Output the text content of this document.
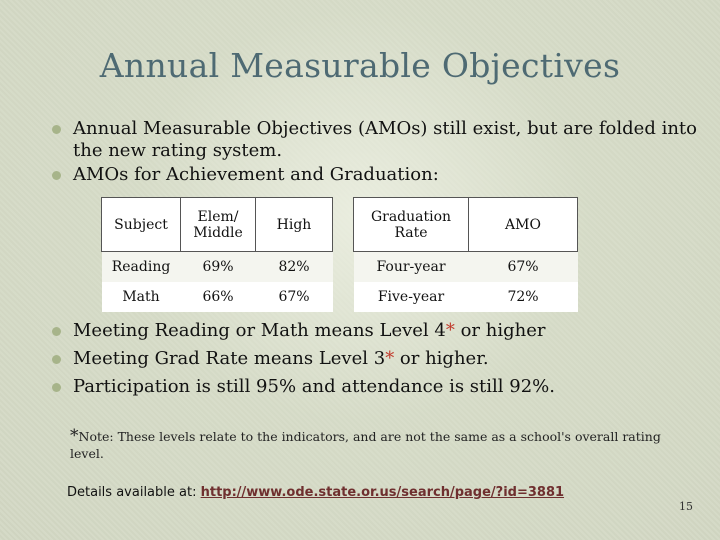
Annual Measurable Objectives
Annual Measurable Objectives (AMOs) still exist, but are folded into the new rating system.
AMOs for Achievement and Graduation:
Subject	Elem/ Middle	High		Graduation Rate	AMO
Reading	69%	82%		Four-year	67%
Math	66%	67%		Five-year	72%
Meeting Reading or Math means Level 4* or higher
Meeting Grad Rate means Level 3* or higher.
Participation is still 95% and attendance is still 92%.
*Note: These levels relate to the indicators, and are not the same as a school's overall rating level.
Details available at: http://www.ode.state.or.us/search/page/?id=3881
15
